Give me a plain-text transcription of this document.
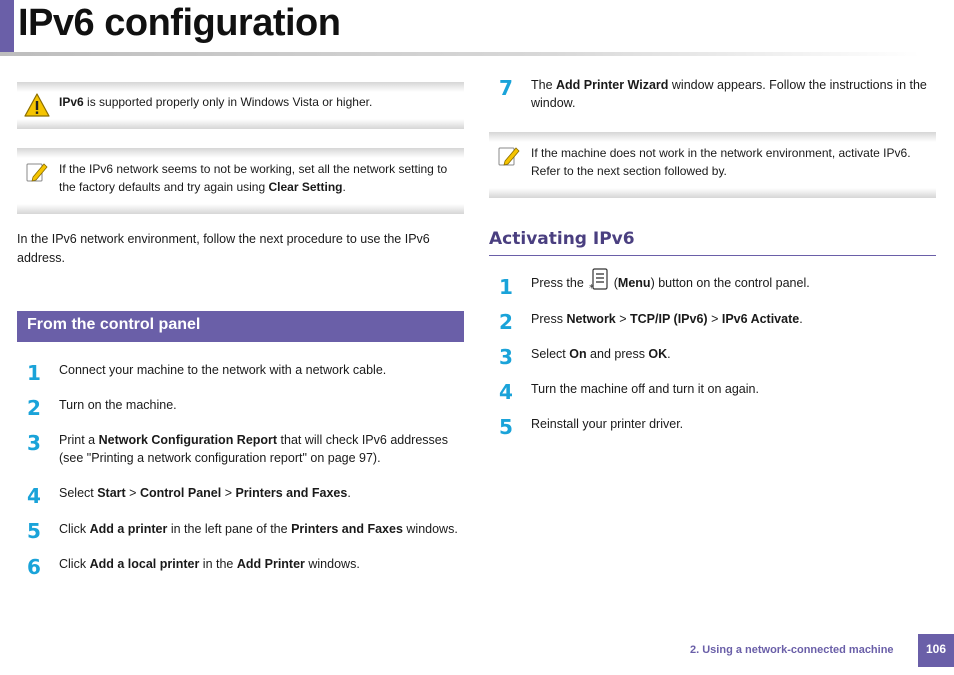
IPv6 configuration
IPv6 is supported properly only in Windows Vista or higher.
If the IPv6 network seems to not be working, set all the network setting to the factory defaults and try again using Clear Setting.
In the IPv6 network environment, follow the next procedure to use the IPv6 address.
From the control panel
1 Connect your machine to the network with a network cable.
2 Turn on the machine.
3 Print a Network Configuration Report that will check IPv6 addresses (see "Printing a network configuration report" on page 97).
4 Select Start > Control Panel > Printers and Faxes.
5 Click Add a printer in the left pane of the Printers and Faxes windows.
6 Click Add a local printer in the Add Printer windows.
7 The Add Printer Wizard window appears. Follow the instructions in the window.
If the machine does not work in the network environment, activate IPv6. Refer to the next section followed by.
Activating IPv6
1 Press the * (Menu) button on the control panel.
2 Press Network > TCP/IP (IPv6) > IPv6 Activate.
3 Select On and press OK.
4 Turn the machine off and turn it on again.
5 Reinstall your printer driver.
2. Using a network-connected machine	106
